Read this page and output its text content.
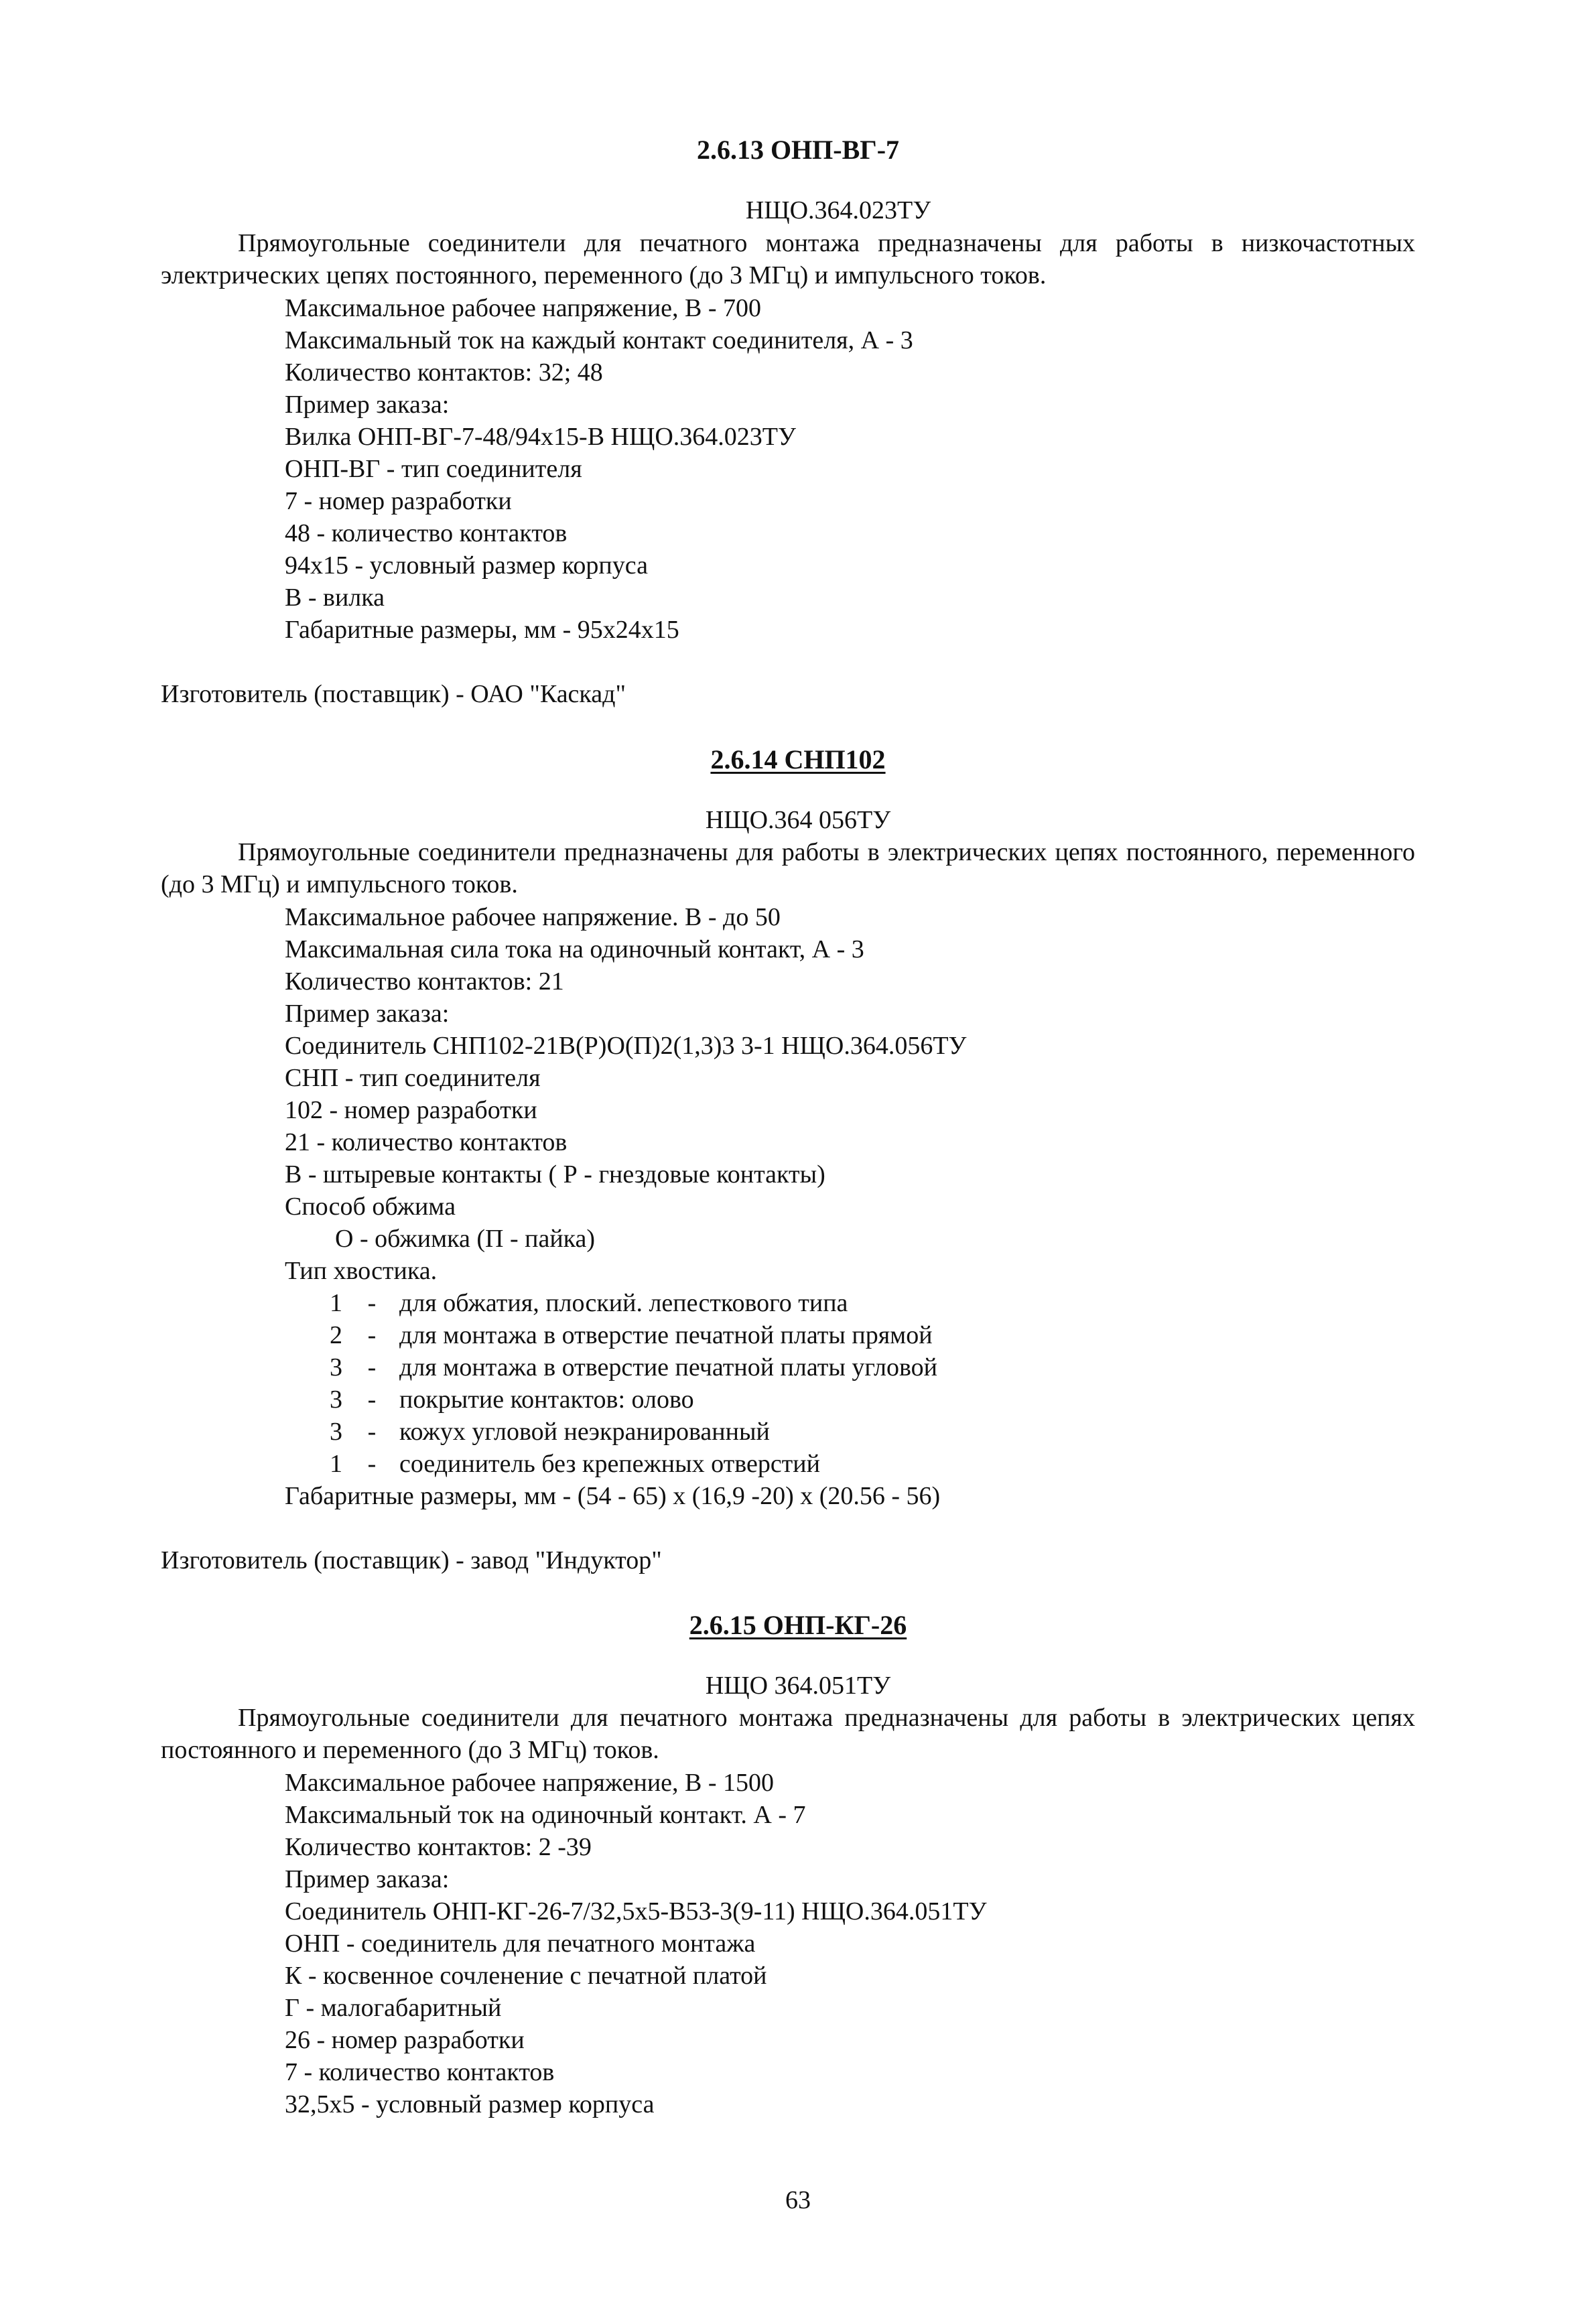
2.6.13 ОНП-ВГ-7
НЩО.364.023ТУ

Прямоугольные соединители для печатного монтажа предназначены для работы в низкочастотных электрических цепях постоянного, переменного (до 3 МГц) и импульсного токов.

Максимальное рабочее напряжение, В - 700
Максимальный ток на каждый контакт соединителя, А - 3
Количество контактов: 32; 48
Пример заказа:
Вилка ОНП-ВГ-7-48/94х15-В НЩО.364.023ТУ
ОНП-ВГ - тип соединителя
7 - номер разработки
48 - количество контактов
94х15 - условный размер корпуса
В - вилка
Габаритные размеры, мм - 95х24х15
Изготовитель (поставщик) - ОАО "Каскад"
2.6.14 СНП102
НЩО.364 056ТУ

Прямоугольные соединители предназначены для работы в электрических цепях постоянного, переменного (до 3 МГц) и импульсного токов.

Максимальное рабочее напряжение. В - до 50
Максимальная сила тока на одиночный контакт, А - 3
Количество контактов: 21
Пример заказа:
Соединитель СНП102-21В(Р)О(П)2(1,3)3 3-1 НЩО.364.056ТУ
СНП - тип соединителя
102 - номер разработки
21 - количество контактов
В - штыревые контакты ( Р - гнездовые контакты)
Способ обжима
О - обжимка (П - пайка)
Тип хвостика.
1 - для обжатия, плоский. лепесткового типа
2 - для монтажа в отверстие печатной платы прямой
3 - для монтажа в отверстие печатной платы угловой
3 - покрытие контактов: олово
3 - кожух угловой неэкранированный
1 - соединитель без крепежных отверстий
Габаритные размеры, мм - (54 - 65) х (16,9 -20) х (20.56 - 56)
Изготовитель (поставщик) - завод "Индуктор"
2.6.15 ОНП-КГ-26
НЩО 364.051ТУ

Прямоугольные соединители для печатного монтажа предназначены для работы в электрических цепях постоянного и переменного (до 3 МГц) токов.

Максимальное рабочее напряжение, В - 1500
Максимальный ток на одиночный контакт. А - 7
Количество контактов: 2 -39
Пример заказа:
Соединитель ОНП-КГ-26-7/32,5х5-В53-3(9-11) НЩО.364.051ТУ
ОНП - соединитель для печатного монтажа
К - косвенное сочленение с печатной платой
Г - малогабаритный
26 - номер разработки
7 - количество контактов
32,5х5 - условный размер корпуса
63
